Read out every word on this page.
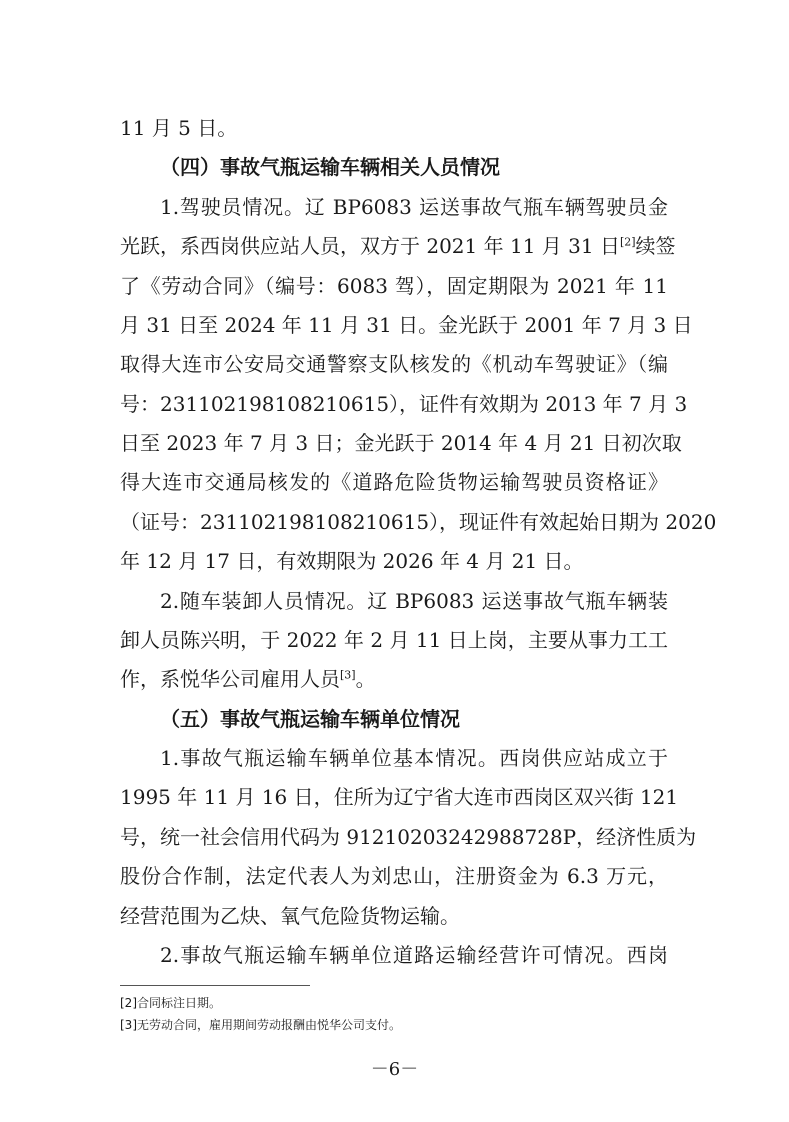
11 月 5 日。
（四）事故气瓶运输车辆相关人员情况
1.驾驶员情况。辽 BP6083 运送事故气瓶车辆驾驶员金
光跃，系西岗供应站人员，双方于 2021 年 11 月 31 日[2]续签
了《劳动合同》（编号：6083 驾），固定期限为 2021 年 11
月 31 日至 2024 年 11 月 31 日。金光跃于 2001 年 7 月 3 日
取得大连市公安局交通警察支队核发的《机动车驾驶证》（编
号：231102198108210615），证件有效期为 2013 年 7 月 3
日至 2023 年 7 月 3 日；金光跃于 2014 年 4 月 21 日初次取
得大连市交通局核发的《道路危险货物运输驾驶员资格证》
（证号：231102198108210615），现证件有效起始日期为 2020
年 12 月 17 日，有效期限为 2026 年 4 月 21 日。
2.随车装卸人员情况。辽 BP6083 运送事故气瓶车辆装
卸人员陈兴明，于 2022 年 2 月 11 日上岗，主要从事力工工
作，系悦华公司雇用人员[3]。
（五）事故气瓶运输车辆单位情况
1.事故气瓶运输车辆单位基本情况。西岗供应站成立于
1995 年 11 月 16 日，住所为辽宁省大连市西岗区双兴街 121
号，统一社会信用代码为 91210203242988728P，经济性质为
股份合作制，法定代表人为刘忠山，注册资金为 6.3 万元，
经营范围为乙炔、氧气危险货物运输。
2.事故气瓶运输车辆单位道路运输经营许可情况。西岗
[2]合同标注日期。
[3]无劳动合同，雇用期间劳动报酬由悦华公司支付。
－6－
